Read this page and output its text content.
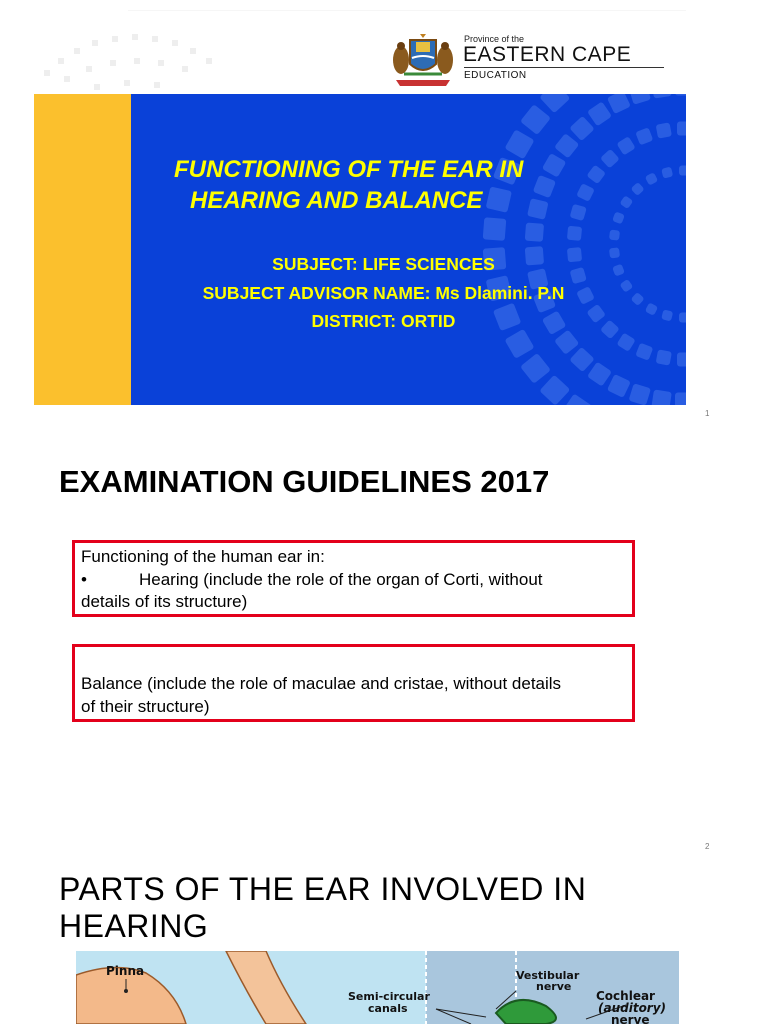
Province of the
EASTERN CAPE
EDUCATION
FUNCTIONING OF THE EAR IN
HEARING AND BALANCE
SUBJECT: LIFE SCIENCES
SUBJECT ADVISOR NAME: Ms Dlamini. P.N
DISTRICT: ORTID
1
EXAMINATION GUIDELINES 2017
Functioning of the human ear in:
•	Hearing (include the role of the organ of Corti, without
details of its structure)
Balance (include the role of maculae and cristae, without details
of their structure)
2
PARTS OF THE EAR INVOLVED IN
HEARING
Pinna
Semi-circular
canals
Vestibular
nerve
Cochlear
(auditory)
nerve
